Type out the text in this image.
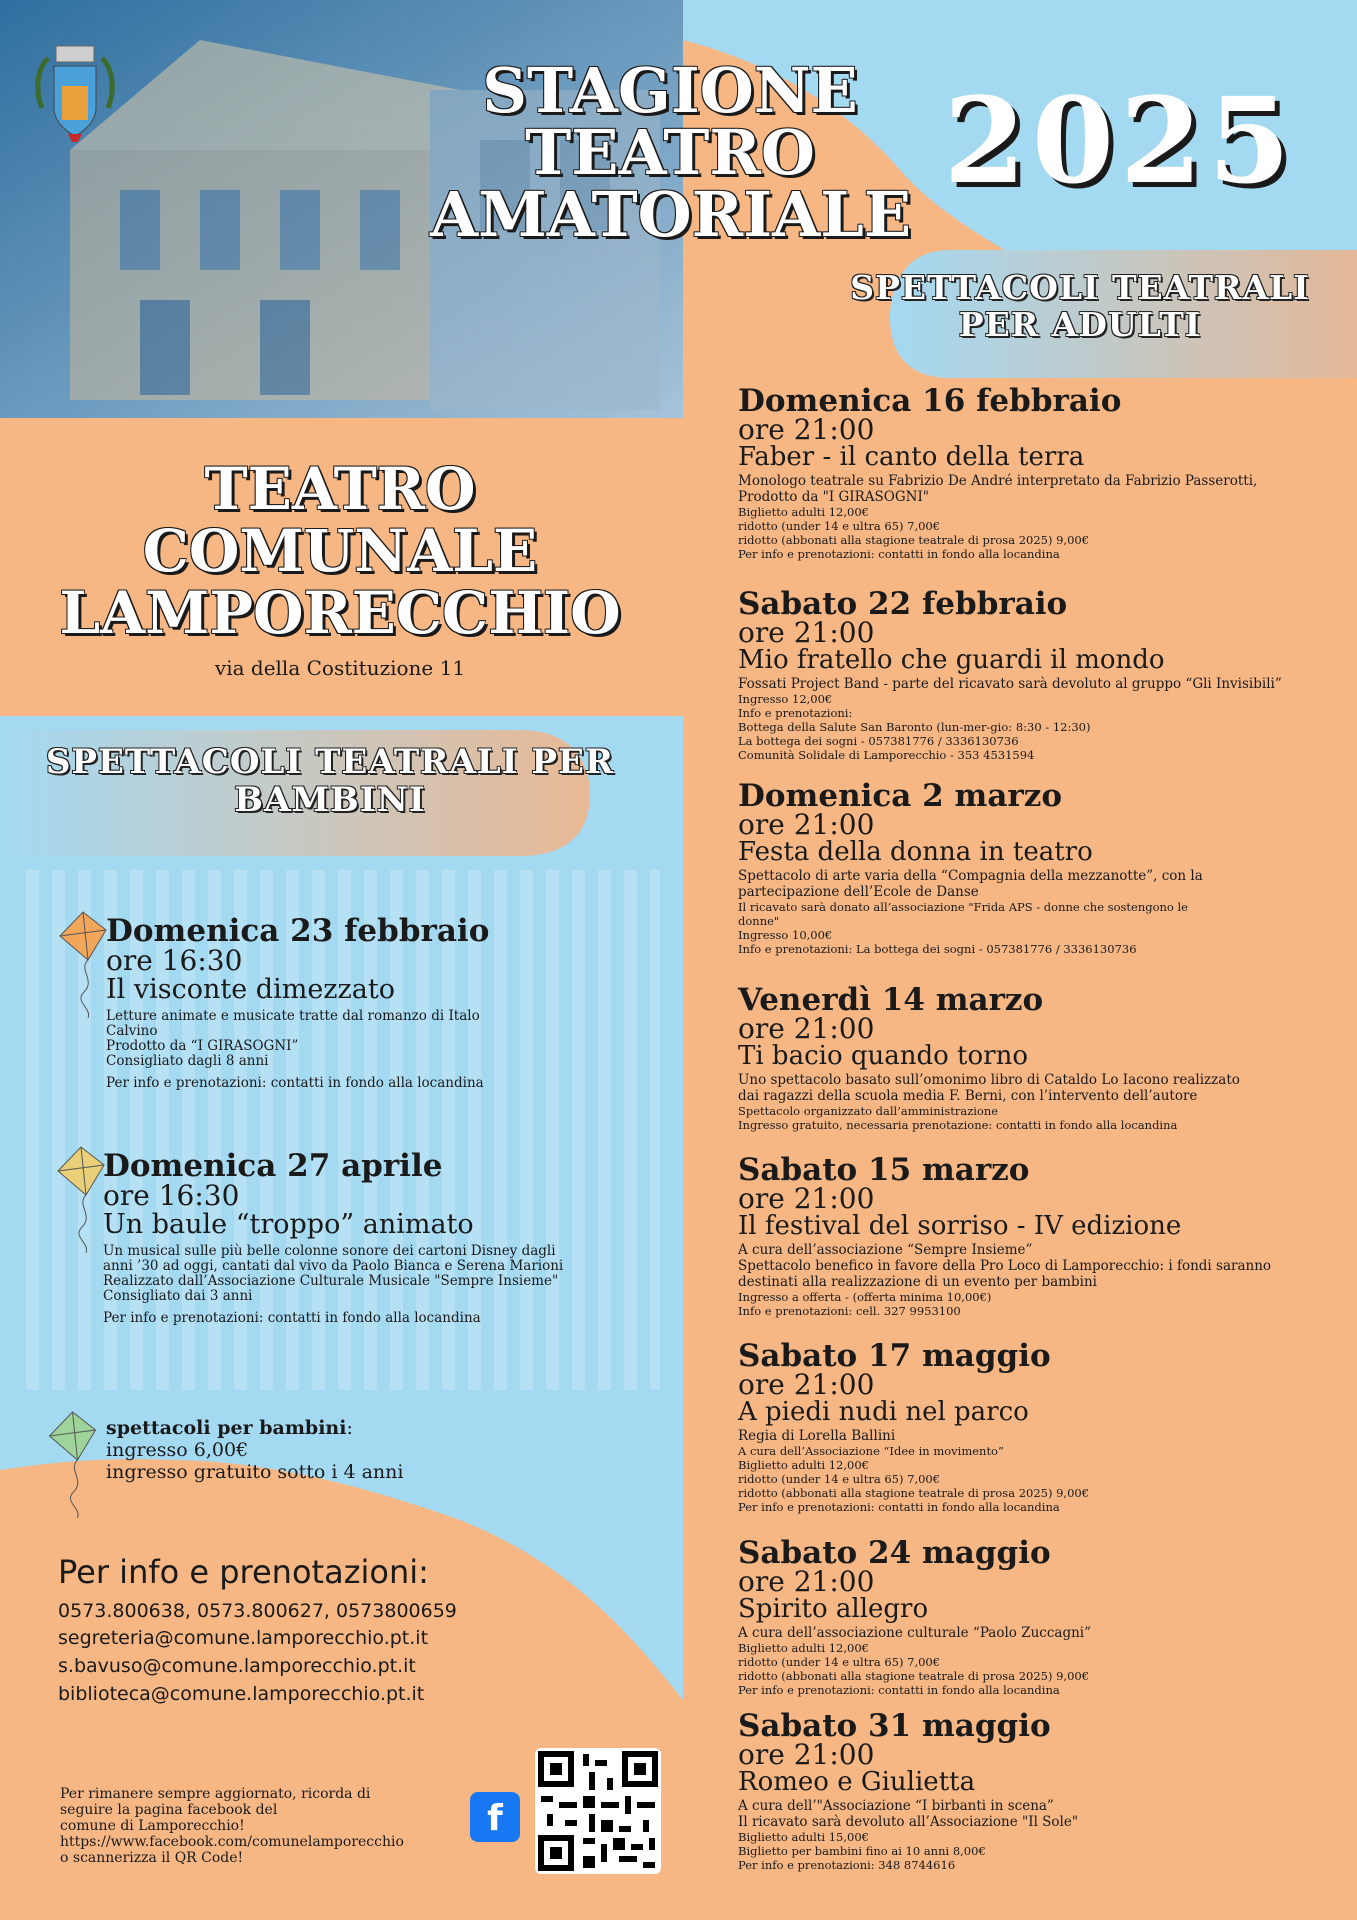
STAGIONE
TEATRO
AMATORIALE
2025
SPETTACOLI TEATRALI
PER ADULTI
TEATRO
COMUNALE
LAMPORECCHIO
via della Costituzione 11
SPETTACOLI TEATRALI PER
BAMBINI
Domenica 23 febbraio
ore 16:30
Il visconte dimezzato
Letture animate e musicate tratte dal romanzo di Italo
Calvino
Prodotto da “I GIRASOGNI”
Consigliato dagli 8 anni
Per info e prenotazioni: contatti in fondo alla locandina
Domenica 27 aprile
ore 16:30
Un baule “troppo” animato
Un musical sulle più belle colonne sonore dei cartoni Disney dagli
anni ’30 ad oggi, cantati dal vivo da Paolo Bianca e Serena Marioni
Realizzato dall’Associazione Culturale Musicale "Sempre Insieme"
Consigliato dai 3 anni
Per info e prenotazioni: contatti in fondo alla locandina
spettacoli per bambini:
ingresso 6,00€
ingresso gratuito sotto i 4 anni
Per info e prenotazioni:
0573.800638, 0573.800627, 0573800659
segreteria@comune.lamporecchio.pt.it
s.bavuso@comune.lamporecchio.pt.it
biblioteca@comune.lamporecchio.pt.it
Per rimanere sempre aggiornato, ricorda di
seguire la pagina facebook del
comune di Lamporecchio!
https://www.facebook.com/comunelamporecchio
o scannerizza il QR Code!
f
Domenica 16 febbraio
ore 21:00
Faber - il canto della terra
Monologo teatrale su Fabrizio De André interpretato da Fabrizio Passerotti,
Prodotto da "I GIRASOGNI"
Biglietto adulti 12,00€
ridotto (under 14 e ultra 65) 7,00€
ridotto (abbonati alla stagione teatrale di prosa 2025) 9,00€
Per info e prenotazioni: contatti in fondo alla locandina
Sabato 22 febbraio
ore 21:00
Mio fratello che guardi il mondo
Fossati Project Band - parte del ricavato sarà devoluto al gruppo “Gli Invisibili”
Ingresso 12,00€
Info e prenotazioni:
Bottega della Salute San Baronto (lun-mer-gio: 8:30 - 12:30)
La bottega dei sogni - 057381776 / 3336130736
Comunità Solidale di Lamporecchio - 353 4531594
Domenica 2 marzo
ore 21:00
Festa della donna in teatro
Spettacolo di arte varia della “Compagnia della mezzanotte”, con la
partecipazione dell’Ecole de Danse
Il ricavato sarà donato all’associazione "Frida APS - donne che sostengono le
donne"
Ingresso 10,00€
Info e prenotazioni: La bottega dei sogni - 057381776 / 3336130736
Venerdì 14 marzo
ore 21:00
Ti bacio quando torno
Uno spettacolo basato sull’omonimo libro di Cataldo Lo Iacono realizzato
dai ragazzi della scuola media F. Berni, con l’intervento dell’autore
Spettacolo organizzato dall’amministrazione
Ingresso gratuito, necessaria prenotazione: contatti in fondo alla locandina
Sabato 15 marzo
ore 21:00
Il festival del sorriso - IV edizione
A cura dell’associazione “Sempre Insieme”
Spettacolo benefico in favore della Pro Loco di Lamporecchio: i fondi saranno
destinati alla realizzazione di un evento per bambini
Ingresso a offerta - (offerta minima 10,00€)
Info e prenotazioni: cell. 327 9953100
Sabato 17 maggio
ore 21:00
A piedi nudi nel parco
Regia di Lorella Ballini
A cura dell’Associazione “Idee in movimento”
Biglietto adulti 12,00€
ridotto (under 14 e ultra 65) 7,00€
ridotto (abbonati alla stagione teatrale di prosa 2025) 9,00€
Per info e prenotazioni: contatti in fondo alla locandina
Sabato 24 maggio
ore 21:00
Spirito allegro
A cura dell’associazione culturale “Paolo Zuccagni”
Biglietto adulti 12,00€
ridotto (under 14 e ultra 65) 7,00€
ridotto (abbonati alla stagione teatrale di prosa 2025) 9,00€
Per info e prenotazioni: contatti in fondo alla locandina
Sabato 31 maggio
ore 21:00
Romeo e Giulietta
A cura dell’"Associazione “I birbanti in scena”
Il ricavato sarà devoluto all’Associazione "Il Sole"
Biglietto adulti 15,00€
Biglietto per bambini fino ai 10 anni 8,00€
Per info e prenotazioni: 348 8744616
